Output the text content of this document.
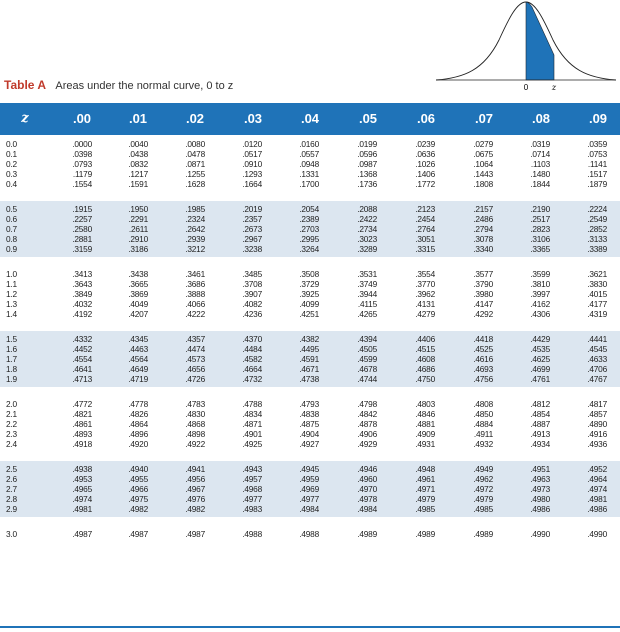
0	z
Table A Areas under the normal curve, 0 to z
z	.00	.01	.02	.03	.04	.05	.06	.07	.08	.09
0.0	.0000	.0040	.0080	.0120	.0160	.0199	.0239	.0279	.0319	.0359
0.1	.0398	.0438	.0478	.0517	.0557	.0596	.0636	.0675	.0714	.0753
0.2	.0793	.0832	.0871	.0910	.0948	.0987	.1026	.1064	.1103	.1141
0.3	.1179	.1217	.1255	.1293	.1331	.1368	.1406	.1443	.1480	.1517
0.4	.1554	.1591	.1628	.1664	.1700	.1736	.1772	.1808	.1844	.1879
0.5	.1915	.1950	.1985	.2019	.2054	.2088	.2123	.2157	.2190	.2224
0.6	.2257	.2291	.2324	.2357	.2389	.2422	.2454	.2486	.2517	.2549
0.7	.2580	.2611	.2642	.2673	.2703	.2734	.2764	.2794	.2823	.2852
0.8	.2881	.2910	.2939	.2967	.2995	.3023	.3051	.3078	.3106	.3133
0.9	.3159	.3186	.3212	.3238	.3264	.3289	.3315	.3340	.3365	.3389
1.0	.3413	.3438	.3461	.3485	.3508	.3531	.3554	.3577	.3599	.3621
1.1	.3643	.3665	.3686	.3708	.3729	.3749	.3770	.3790	.3810	.3830
1.2	.3849	.3869	.3888	.3907	.3925	.3944	.3962	.3980	.3997	.4015
1.3	.4032	.4049	.4066	.4082	.4099	.4115	.4131	.4147	.4162	.4177
1.4	.4192	.4207	.4222	.4236	.4251	.4265	.4279	.4292	.4306	.4319
1.5	.4332	.4345	.4357	.4370	.4382	.4394	.4406	.4418	.4429	.4441
1.6	.4452	.4463	.4474	.4484	.4495	.4505	.4515	.4525	.4535	.4545
1.7	.4554	.4564	.4573	.4582	.4591	.4599	.4608	.4616	.4625	.4633
1.8	.4641	.4649	.4656	.4664	.4671	.4678	.4686	.4693	.4699	.4706
1.9	.4713	.4719	.4726	.4732	.4738	.4744	.4750	.4756	.4761	.4767
2.0	.4772	.4778	.4783	.4788	.4793	.4798	.4803	.4808	.4812	.4817
2.1	.4821	.4826	.4830	.4834	.4838	.4842	.4846	.4850	.4854	.4857
2.2	.4861	.4864	.4868	.4871	.4875	.4878	.4881	.4884	.4887	.4890
2.3	.4893	.4896	.4898	.4901	.4904	.4906	.4909	.4911	.4913	.4916
2.4	.4918	.4920	.4922	.4925	.4927	.4929	.4931	.4932	.4934	.4936
2.5	.4938	.4940	.4941	.4943	.4945	.4946	.4948	.4949	.4951	.4952
2.6	.4953	.4955	.4956	.4957	.4959	.4960	.4961	.4962	.4963	.4964
2.7	.4965	.4966	.4967	.4968	.4969	.4970	.4971	.4972	.4973	.4974
2.8	.4974	.4975	.4976	.4977	.4977	.4978	.4979	.4979	.4980	.4981
2.9	.4981	.4982	.4982	.4983	.4984	.4984	.4985	.4985	.4986	.4986
3.0	.4987	.4987	.4987	.4988	.4988	.4989	.4989	.4989	.4990	.4990
